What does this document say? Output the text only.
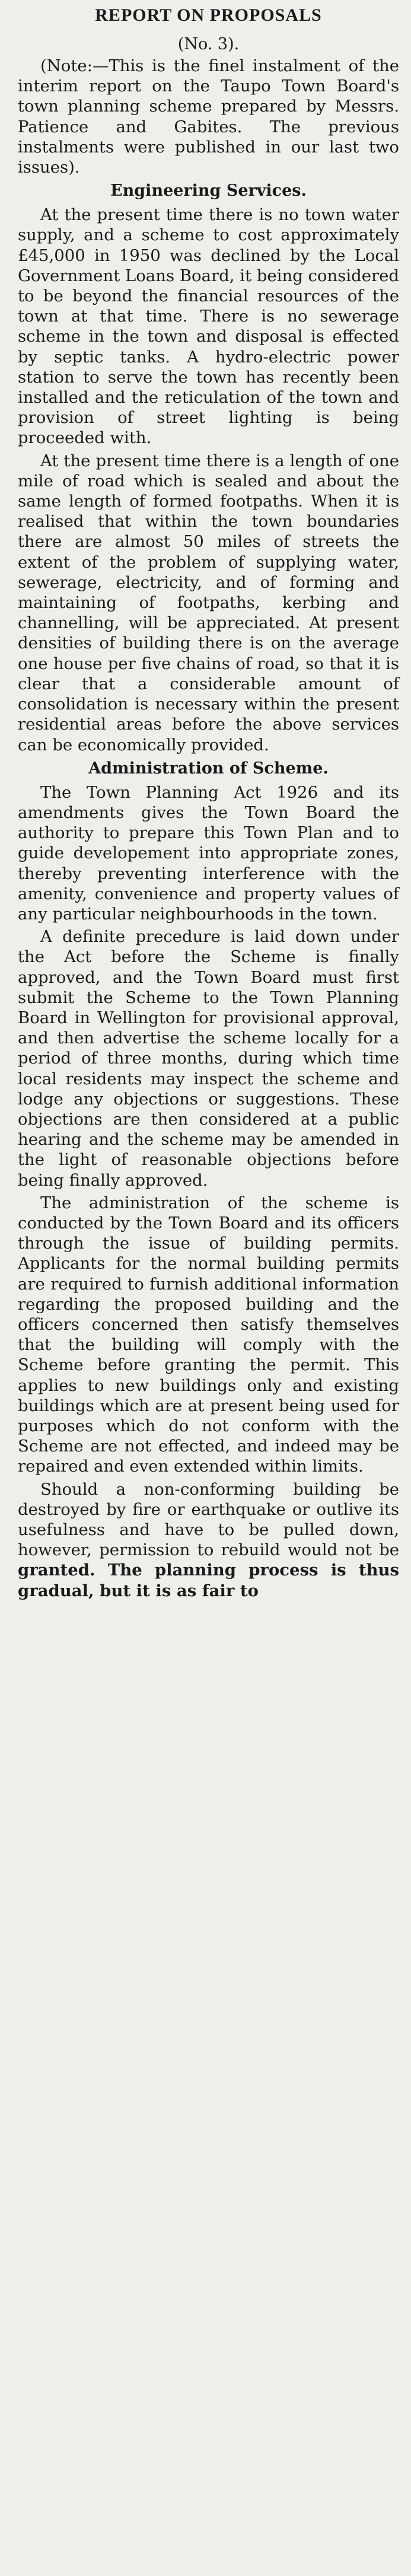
REPORT ON PROPOSALS
(No. 3).

(Note:—This is the finel instalment of the interim report on the Taupo Town Board's town planning scheme prepared by Messrs. Patience and Gabites. The previous instalments were published in our last two issues).

Engineering Services.

At the present time there is no town water supply, and a scheme to cost approximately £45,000 in 1950 was declined by the Local Government Loans Board, it being considered to be beyond the financial resources of the town at that time. There is no sewerage scheme in the town and disposal is effected by septic tanks. A hydro-electric power station to serve the town has recently been installed and the reticulation of the town and provision of street lighting is being proceeded with.

At the present time there is a length of one mile of road which is sealed and about the same length of formed footpaths. When it is realised that within the town boundaries there are almost 50 miles of streets the extent of the problem of supplying water, sewerage, electricity, and of forming and maintaining of footpaths, kerbing and channelling, will be appreciated. At present densities of building there is on the average one house per five chains of road, so that it is clear that a considerable amount of consolidation is necessary within the present residential areas before the above services can be economically provided.

Administration of Scheme.

The Town Planning Act 1926 and its amendments gives the Town Board the authority to prepare this Town Plan and to guide developement into appropriate zones, thereby preventing interference with the amenity, convenience and property values of any particular neighbourhoods in the town.

A definite precedure is laid down under the Act before the Scheme is finally approved, and the Town Board must first submit the Scheme to the Town Planning Board in Wellington for provisional approval, and then advertise the scheme locally for a period of three months, during which time local residents may inspect the scheme and lodge any objections or suggestions. These objections are then considered at a public hearing and the scheme may be amended in the light of reasonable objections before being finally approved.

The administration of the scheme is conducted by the Town Board and its officers through the issue of building permits. Applicants for the normal building permits are required to furnish additional information regarding the proposed building and the officers concerned then satisfy themselves that the building will comply with the Scheme before granting the permit. This applies to new buildings only and existing buildings which are at present being used for purposes which do not conform with the Scheme are not effected, and indeed may be repaired and even extended within limits.

Should a non-conforming building be destroyed by fire or earthquake or outlive its usefulness and have to be pulled down, however, permission to rebuild would not be granted. The planning process is thus gradual, but it is as fair to
